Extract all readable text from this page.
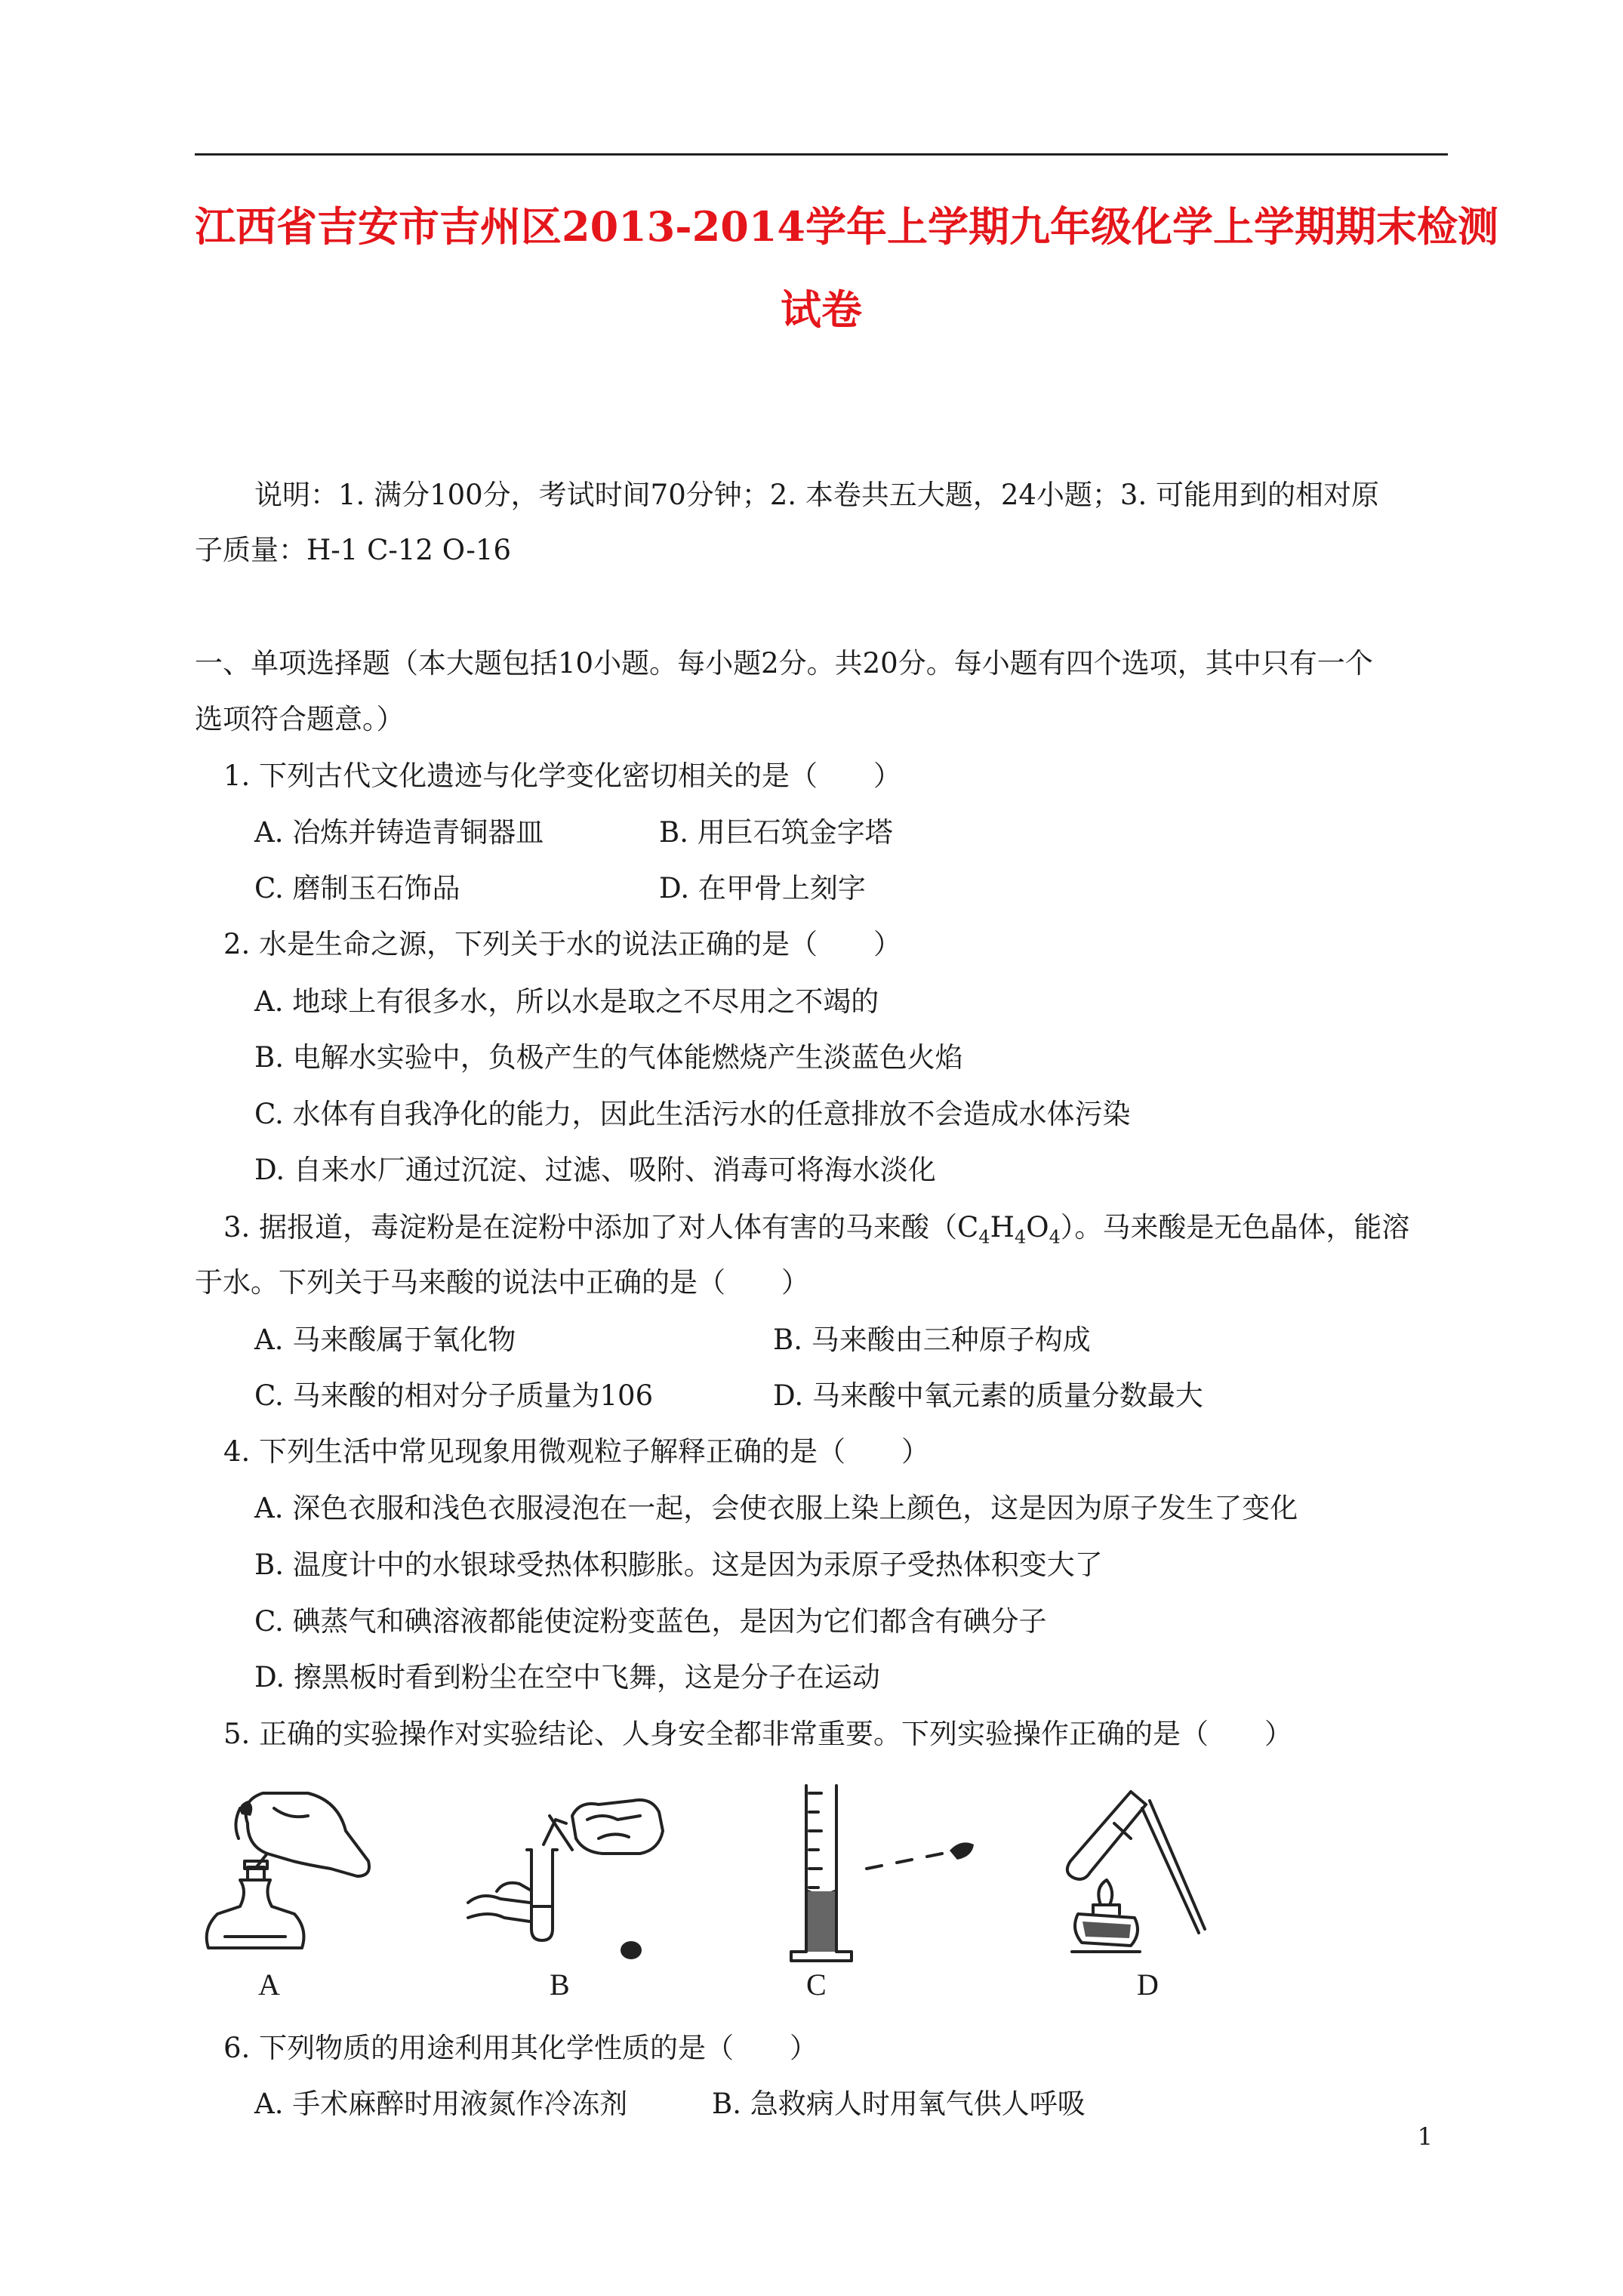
江西省吉安市吉州区2013-2014学年上学期九年级化学上学期期末检测
试卷
说明：1. 满分100分，考试时间70分钟；2. 本卷共五大题，24小题；3. 可能用到的相对原
子质量：H-1 C-12 O-16
一、单项选择题（本大题包括10小题。每小题2分。共20分。每小题有四个选项，其中只有一个
选项符合题意。）
1. 下列古代文化遗迹与化学变化密切相关的是（　　）
A. 冶炼并铸造青铜器皿	B. 用巨石筑金字塔
C. 磨制玉石饰品	D. 在甲骨上刻字
2. 水是生命之源，下列关于水的说法正确的是（　　）
A. 地球上有很多水，所以水是取之不尽用之不竭的
B. 电解水实验中，负极产生的气体能燃烧产生淡蓝色火焰
C. 水体有自我净化的能力，因此生活污水的任意排放不会造成水体污染
D. 自来水厂通过沉淀、过滤、吸附、消毒可将海水淡化
3. 据报道，毒淀粉是在淀粉中添加了对人体有害的马来酸$(C_4H_4O_4)$。马来酸是无色晶体，能溶
于水。下列关于马来酸的说法中正确的是（　　）
A. 马来酸属于氧化物	B. 马来酸由三种原子构成
C. 马来酸的相对分子质量为106	D. 马来酸中氧元素的质量分数最大
4. 下列生活中常见现象用微观粒子解释正确的是（　　）
A. 深色衣服和浅色衣服浸泡在一起，会使衣服上染上颜色，这是因为原子发生了变化
B. 温度计中的水银球受热体积膨胀。这是因为汞原子受热体积变大了
C. 碘蒸气和碘溶液都能使淀粉变蓝色，是因为它们都含有碘分子
D. 擦黑板时看到粉尘在空中飞舞，这是分子在运动
5. 正确的实验操作对实验结论、人身安全都非常重要。下列实验操作正确的是（　　）
A	B	C	D
6. 下列物质的用途利用其化学性质的是（　　）
A. 手术麻醉时用液氮作冷冻剂	B. 急救病人时用氧气供人呼吸
1
